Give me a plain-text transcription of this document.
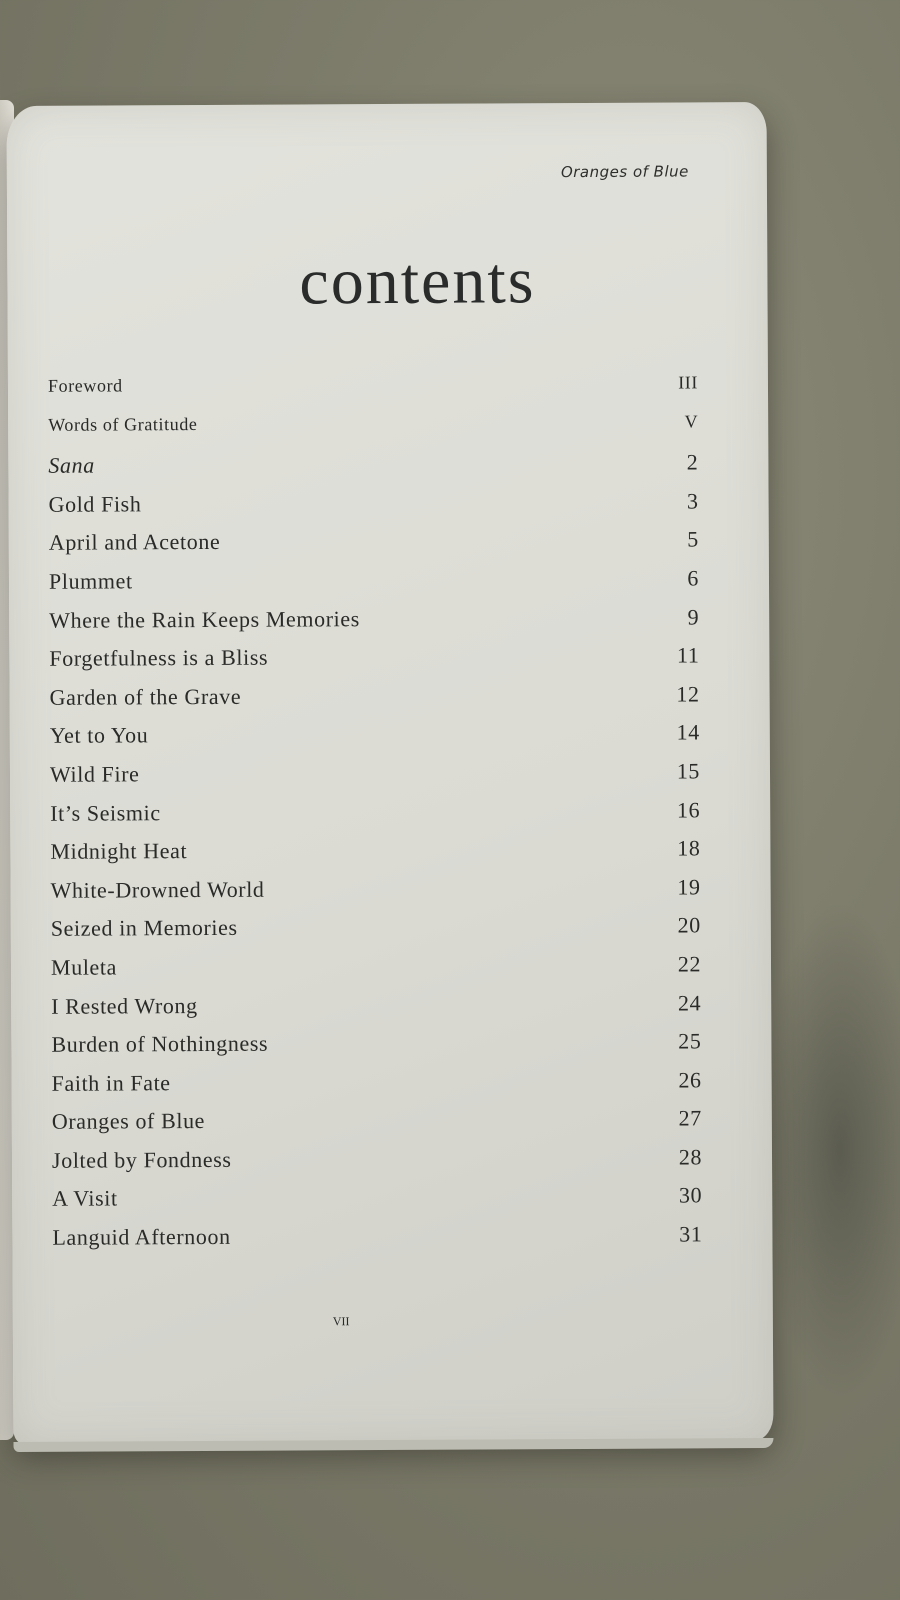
Oranges of Blue
contents
Foreword	III
Words of Gratitude	V
Sana	2
Gold Fish	3
April and Acetone	5
Plummet	6
Where the Rain Keeps Memories	9
Forgetfulness is a Bliss	11
Garden of the Grave	12
Yet to You	14
Wild Fire	15
It’s Seismic	16
Midnight Heat	18
White-Drowned World	19
Seized in Memories	20
Muleta	22
I Rested Wrong	24
Burden of Nothingness	25
Faith in Fate	26
Oranges of Blue	27
Jolted by Fondness	28
A Visit	30
Languid Afternoon	31
VII
